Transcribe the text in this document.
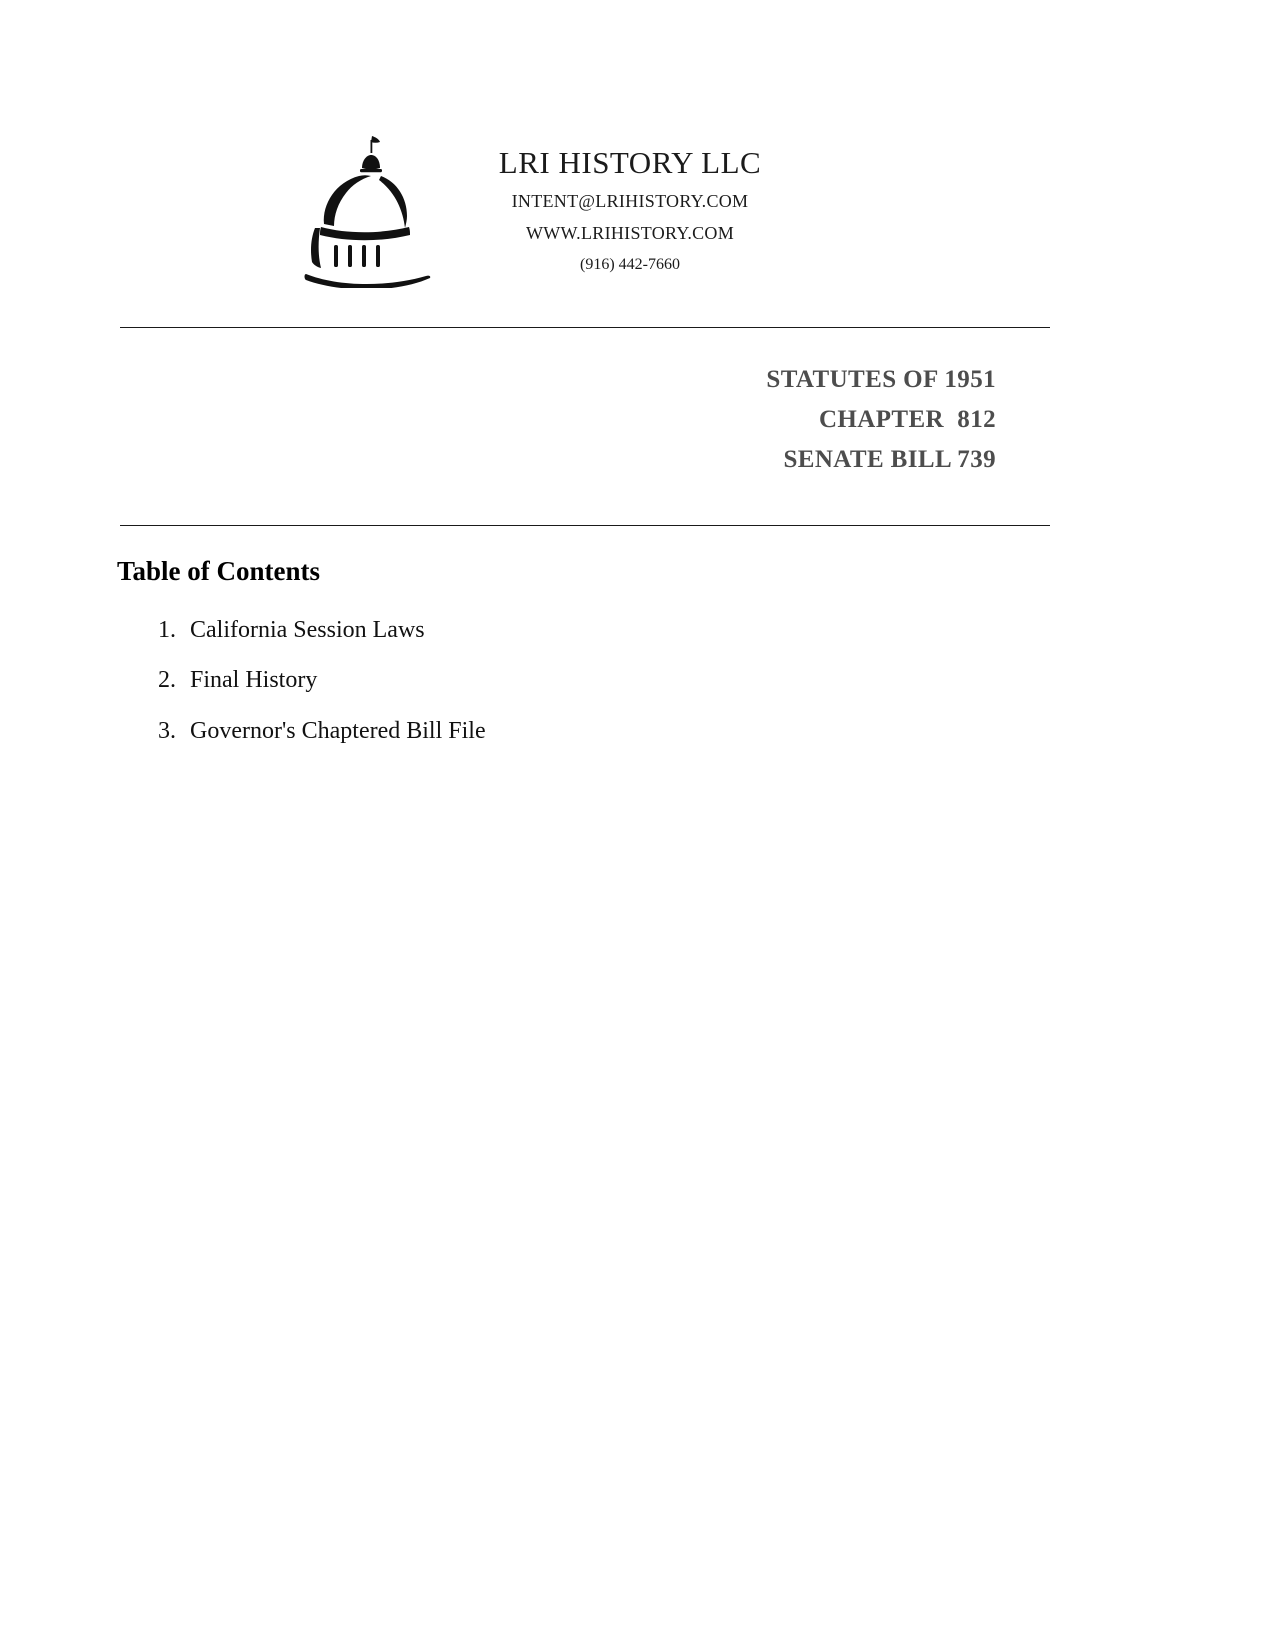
LRI HISTORY LLC
INTENT@LRIHISTORY.COM
WWW.LRIHISTORY.COM
(916) 442-7660
STATUTES OF 1951
CHAPTER  812
SENATE BILL 739
Table of Contents
1. California Session Laws
2. Final History
3. Governor's Chaptered Bill File
